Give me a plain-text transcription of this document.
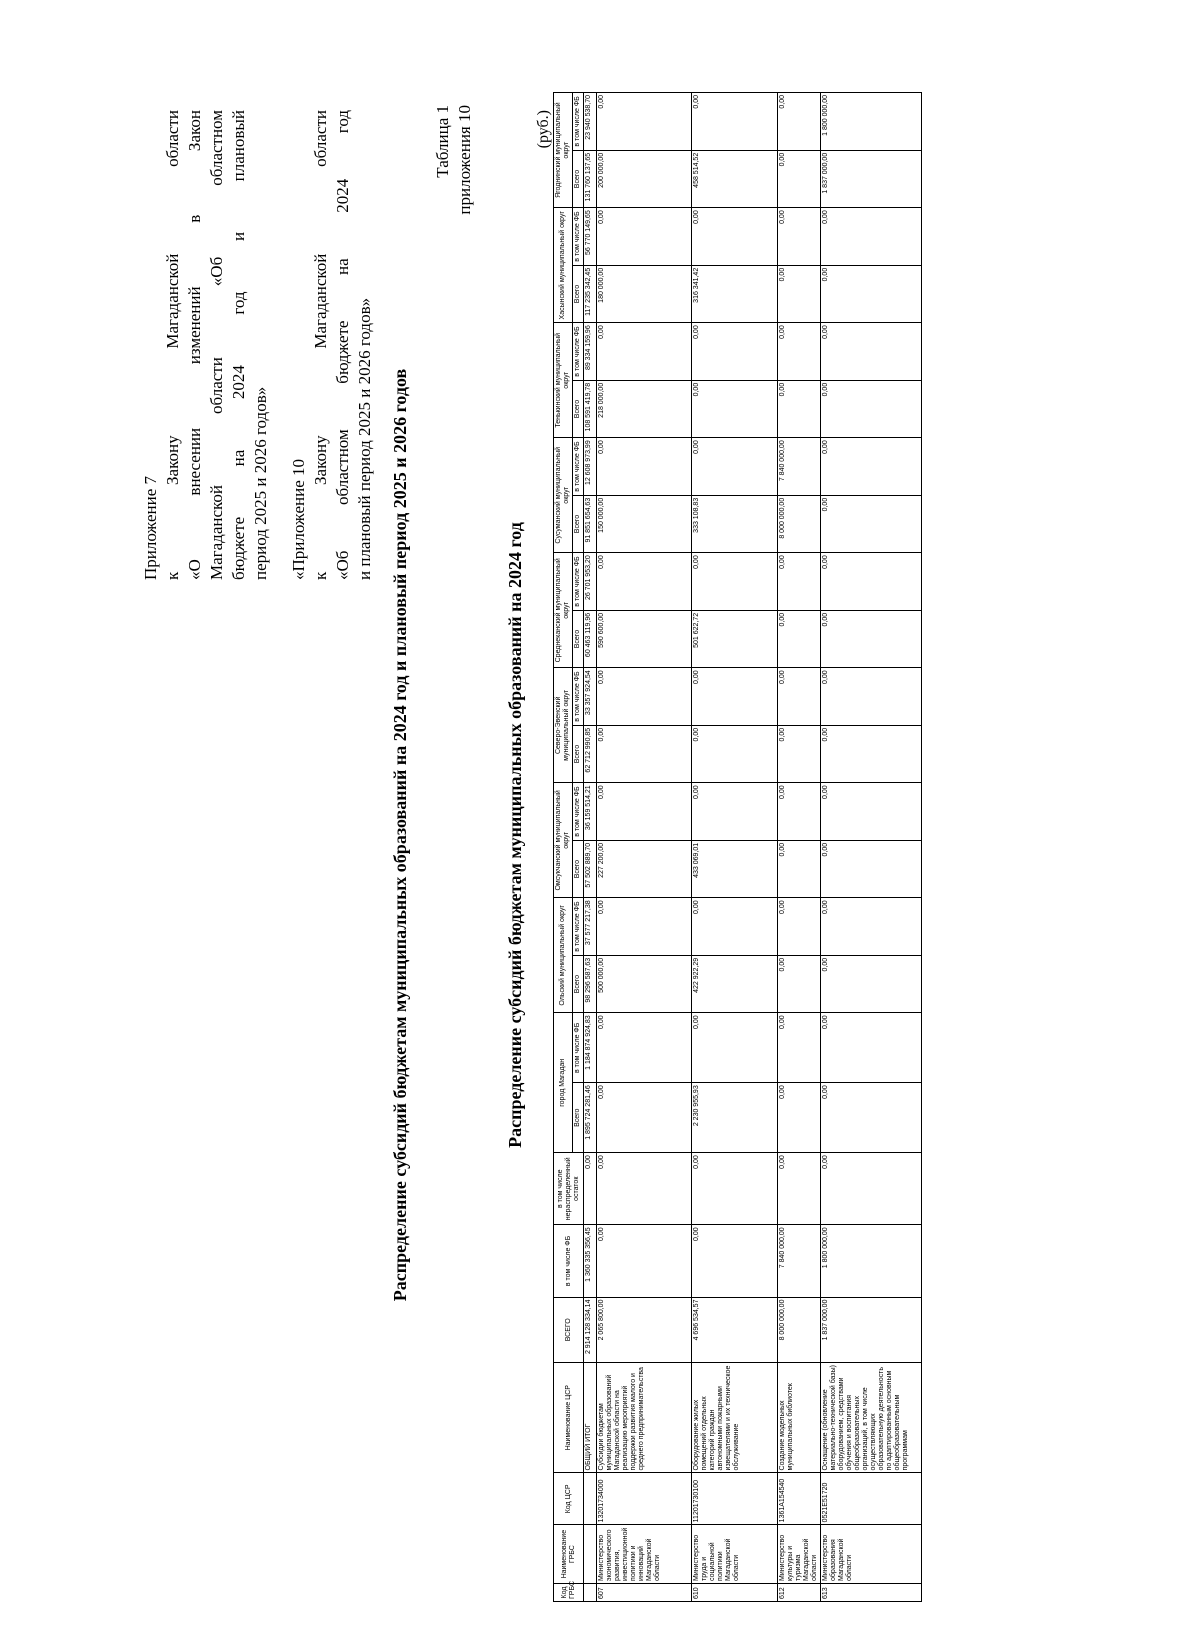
Приложение 7 к
Закону
Магаданской
области
«О
внесении
изменений
в
Закон
Магаданской
области
«Об
областном
бюджете
на
2024
год
и
плановый
период 2025 и 2026 годов» «Приложение 10 к
Закону
Магаданской
области
«Об
областном
бюджете
на
2024
год
и плановый период 2025 и 2026 годов»
Таблица 1 приложения 10
Распределение субсидий бюджетам муниципальных образований на 2024 год и плановый период 2025 и 2026 годов	Распределение субсидий бюджетам муниципальных образований на 2024 год
(руб.)
Код ГРБС	Наименование ГРБС	Код ЦСР	Наименование ЦСР	ВСЕГО	в том числе ФБ	в том числе нераспределенный остаток	город Магадан		Ольский муниципальный округ		Омсукчанский муниципальный округ		Северо-Эвенский муниципальный округ		Среднеканский муниципальный округ		Сусуманский муниципальный округ		Тенькинский муниципальный округ		Хасынский муниципальный округ		Ягоднинский муниципальный округ	
							Всего	в том числе ФБ	Всего	в том числе ФБ	Всего	в том числе ФБ	Всего	в том числе ФБ	Всего	в том числе ФБ	Всего	в том числе ФБ	Всего	в том числе ФБ	Всего	в том числе ФБ	Всего	в том числе ФБ
			ОБЩИЙ ИТОГ	2 914 128 334,14	1 360 335 356,45	0,00	1 895 724 281,46	1 184 874 924,83	98 296 587,63	37 577 217,38	57 502 889,70	36 159 514,21	62 712 990,85	33 357 924,54	60 463 119,96	26 701 953,20	91 851 654,63	12 608 973,99	108 591 419,78	89 334 159,96	117 235 342,45	56 770 149,65	131 760 137,65	23 940 538,70
607	Министерство экономического развития, инвестиционной политики и инноваций Магаданской области	13201734000	Субсидии бюджетам муниципальных образований Магаданской области на реализацию мероприятий поддержки развития малого и среднего предпринимательства	2 065 800,00	0,00	0,00	0,00	0,00	500 000,00	0,00	227 200,00	0,00	0,00	0,00	590 600,00	0,00	150 000,00	0,00	218 000,00	0,00	180 000,00	0,00	200 000,00	0,00
610	Министерство труда и социальной политики Магаданской области	11201730100	Оборудование жилых помещений отдельных категорий граждан автономными пожарными извещателями и их техническое обслуживание	4 696 534,57	0,00	0,00	2 230 955,93	0,00	422 922,29	0,00	433 069,01	0,00	0,00	0,00	501 622,72	0,00	333 108,83	0,00	0,00	0,00	316 341,42	0,00	458 514,52	0,00
612	Министерство культуры и туризма Магаданской области	1361A154540	Создание модельных муниципальных библиотек	8 000 000,00	7 840 000,00	0,00	0,00	0,00	0,00	0,00	0,00	0,00	0,00	0,00	0,00	0,00	8 000 000,00	7 840 000,00	0,00	0,00	0,00	0,00	0,00	0,00
613	Министерство образования Магаданской области	0521E51720	Оснащение (обновление материально-технической базы) оборудованием, средствами обучения и воспитания общеобразовательных организаций, в том числе осуществляющих образовательную деятельность по адаптированным основным общеобразовательным программам	1 837 000,00	1 800 000,00	0,00	0,00	0,00	0,00	0,00	0,00	0,00	0,00	0,00	0,00	0,00	0,00	0,00	0,00	0,00	0,00	0,00	1 837 000,00	1 800 000,00
